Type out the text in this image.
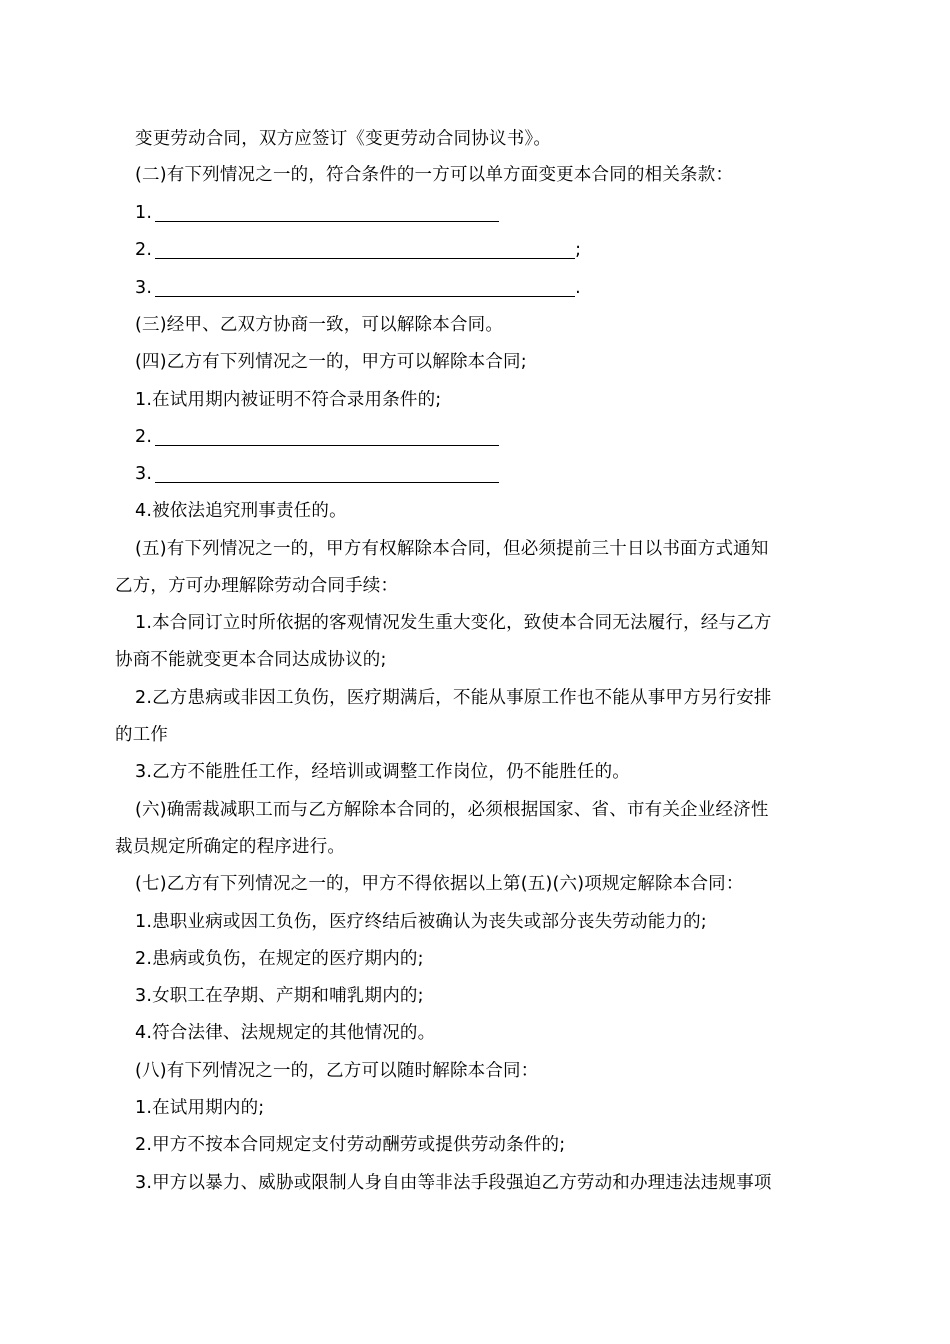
变更劳动合同，双方应签订《变更劳动合同协议书》。
(二)有下列情况之一的，符合条件的一方可以单方面变更本合同的相关条款：
1.
2.	;
3.	.
(三)经甲、乙双方协商一致，可以解除本合同。
(四)乙方有下列情况之一的，甲方可以解除本合同;
1.在试用期内被证明不符合录用条件的;
2.
3.
4.被依法追究刑事责任的。
(五)有下列情况之一的，甲方有权解除本合同，但必须提前三十日以书面方式通知
乙方，方可办理解除劳动合同手续：
1.本合同订立时所依据的客观情况发生重大变化，致使本合同无法履行，经与乙方
协商不能就变更本合同达成协议的;
2.乙方患病或非因工负伤，医疗期满后，不能从事原工作也不能从事甲方另行安排
的工作
3.乙方不能胜任工作，经培训或调整工作岗位，仍不能胜任的。
(六)确需裁减职工而与乙方解除本合同的，必须根据国家、省、市有关企业经济性
裁员规定所确定的程序进行。
(七)乙方有下列情况之一的，甲方不得依据以上第(五)(六)项规定解除本合同：
1.患职业病或因工负伤，医疗终结后被确认为丧失或部分丧失劳动能力的;
2.患病或负伤，在规定的医疗期内的;
3.女职工在孕期、产期和哺乳期内的;
4.符合法律、法规规定的其他情况的。
(八)有下列情况之一的，乙方可以随时解除本合同：
1.在试用期内的;
2.甲方不按本合同规定支付劳动酬劳或提供劳动条件的;
3.甲方以暴力、威胁或限制人身自由等非法手段强迫乙方劳动和办理违法违规事项
